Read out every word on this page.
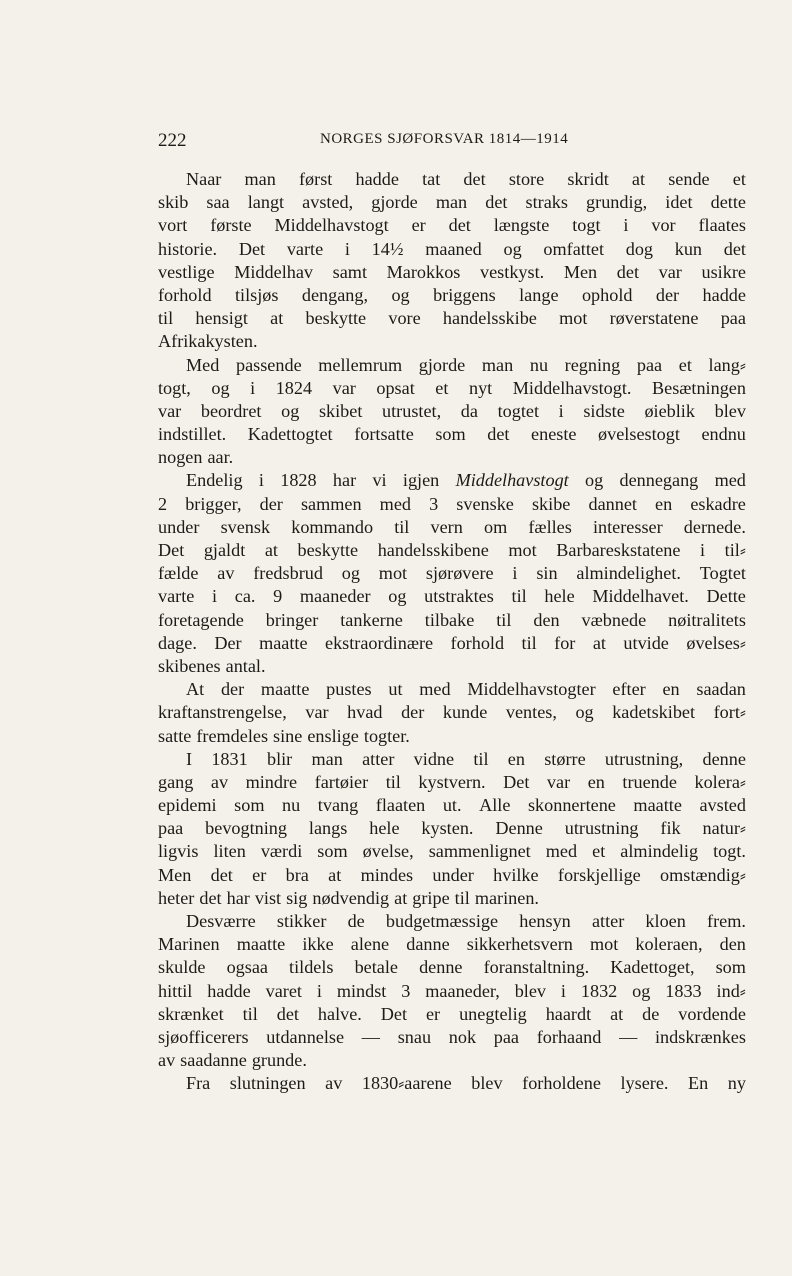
222	NORGES SJØFORSVAR 1814—1914
Naar man først hadde tat det store skridt at sende et
skib saa langt avsted, gjorde man det straks grundig, idet dette
vort første Middelhavstogt er det længste togt i vor flaates
historie. Det varte i 14½ maaned og omfattet dog kun det
vestlige Middelhav samt Marokkos vestkyst. Men det var usikre
forhold tilsjøs dengang, og briggens lange ophold der hadde
til hensigt at beskytte vore handelsskibe mot røverstatene paa
Afrikakysten.
Med passende mellemrum gjorde man nu regning paa et lang⸗
togt, og i 1824 var opsat et nyt Middelhavstogt. Besætningen
var beordret og skibet utrustet, da togtet i sidste øieblik blev
indstillet. Kadettogtet fortsatte som det eneste øvelsestogt endnu
nogen aar.
Endelig i 1828 har vi igjen Middelhavstogt og dennegang med
2 brigger, der sammen med 3 svenske skibe dannet en eskadre
under svensk kommando til vern om fælles interesser dernede.
Det gjaldt at beskytte handelsskibene mot Barbareskstatene i til⸗
fælde av fredsbrud og mot sjørøvere i sin almindelighet. Togtet
varte i ca. 9 maaneder og utstraktes til hele Middelhavet. Dette
foretagende bringer tankerne tilbake til den væbnede nøitralitets
dage. Der maatte ekstraordinære forhold til for at utvide øvelses⸗
skibenes antal.
At der maatte pustes ut med Middelhavstogter efter en saadan
kraftanstrengelse, var hvad der kunde ventes, og kadetskibet fort⸗
satte fremdeles sine enslige togter.
I 1831 blir man atter vidne til en større utrustning, denne
gang av mindre fartøier til kystvern. Det var en truende kolera⸗
epidemi som nu tvang flaaten ut. Alle skonnertene maatte avsted
paa bevogtning langs hele kysten. Denne utrustning fik natur⸗
ligvis liten værdi som øvelse, sammenlignet med et almindelig togt.
Men det er bra at mindes under hvilke forskjellige omstændig⸗
heter det har vist sig nødvendig at gripe til marinen.
Desværre stikker de budgetmæssige hensyn atter kloen frem.
Marinen maatte ikke alene danne sikkerhetsvern mot koleraen, den
skulde ogsaa tildels betale denne foranstaltning. Kadettoget, som
hittil hadde varet i mindst 3 maaneder, blev i 1832 og 1833 ind⸗
skrænket til det halve. Det er unegtelig haardt at de vordende
sjøofficerers utdannelse — snau nok paa forhaand — indskrænkes
av saadanne grunde.
Fra slutningen av 1830⸗aarene blev forholdene lysere. En ny
